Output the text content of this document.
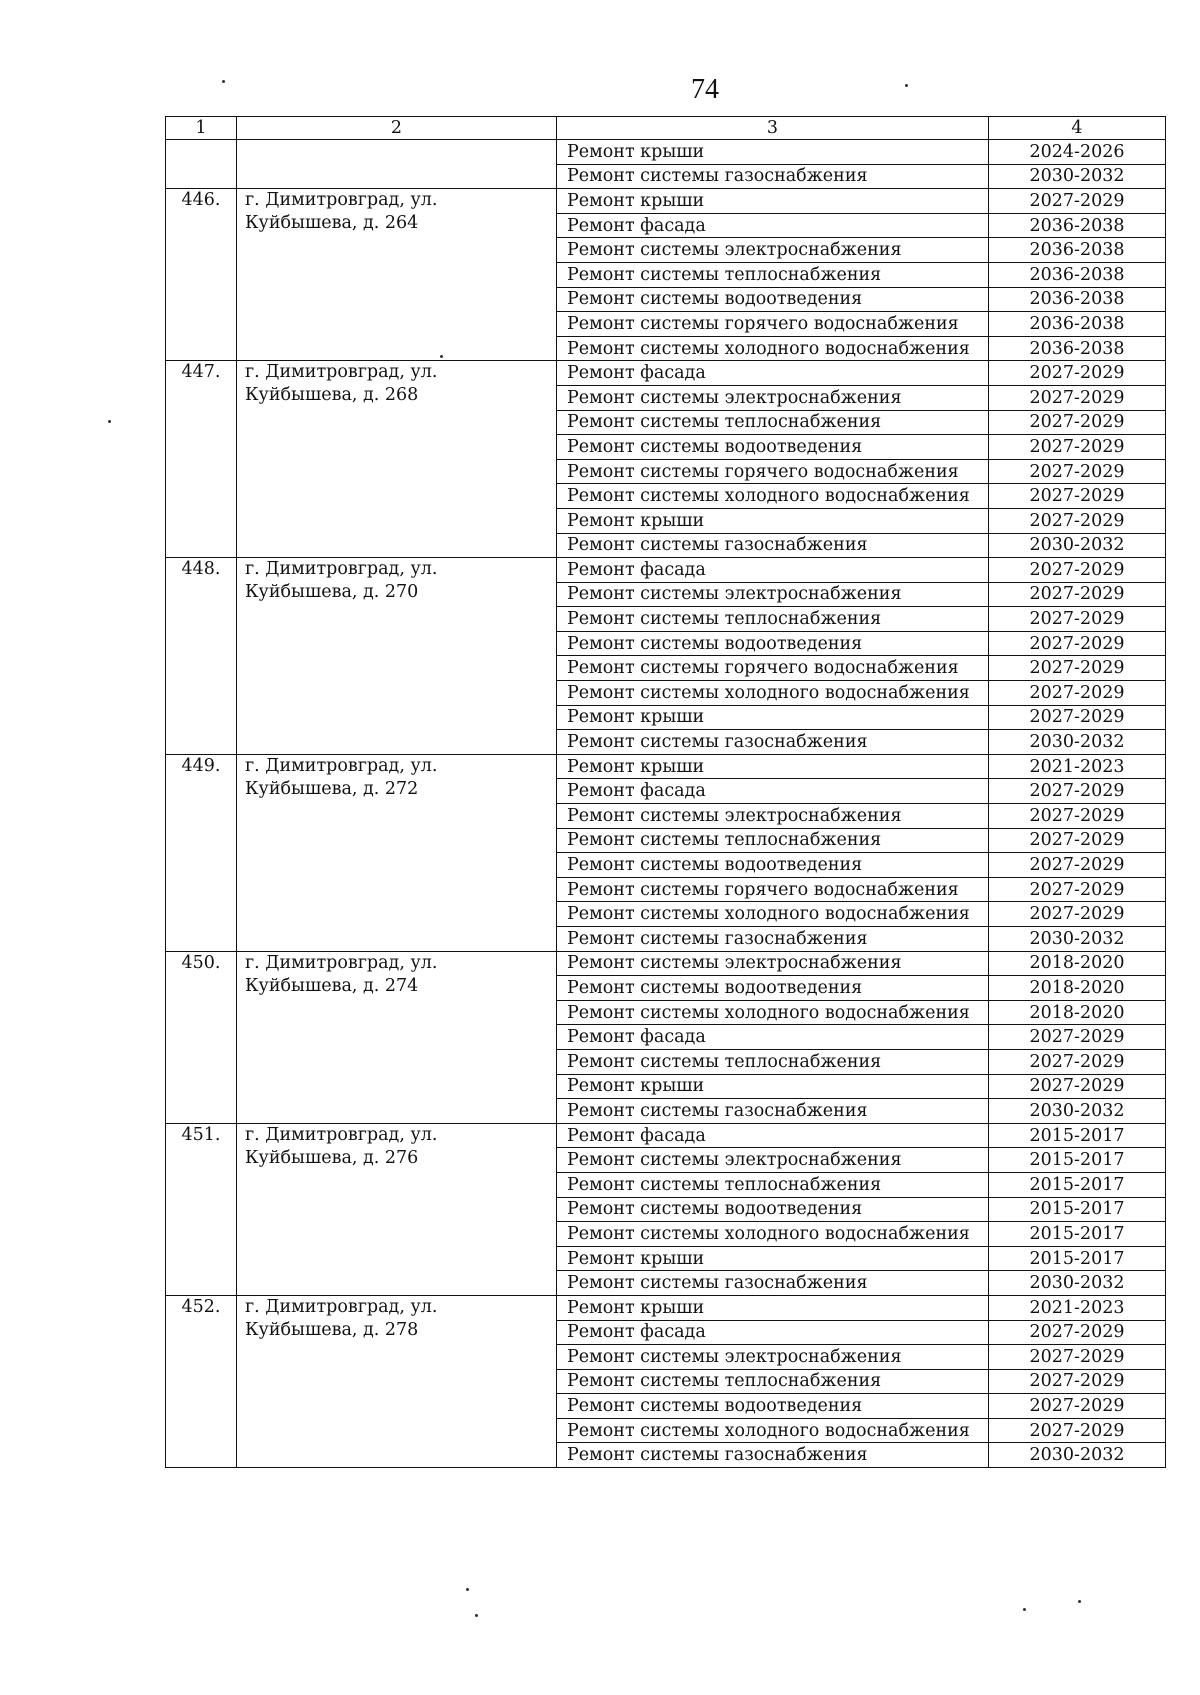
74
1	2	3	4
		Ремонт крыши	2024-2026
		Ремонт системы газоснабжения	2030-2032
446.	г. Димитровград, ул. Куйбышева, д. 264	Ремонт крыши	2027-2029
		Ремонт фасада	2036-2038
		Ремонт системы электроснабжения	2036-2038
		Ремонт системы теплоснабжения	2036-2038
		Ремонт системы водоотведения	2036-2038
		Ремонт системы горячего водоснабжения	2036-2038
		Ремонт системы холодного водоснабжения	2036-2038
447.	г. Димитровград, ул. Куйбышева, д. 268	Ремонт фасада	2027-2029
		Ремонт системы электроснабжения	2027-2029
		Ремонт системы теплоснабжения	2027-2029
		Ремонт системы водоотведения	2027-2029
		Ремонт системы горячего водоснабжения	2027-2029
		Ремонт системы холодного водоснабжения	2027-2029
		Ремонт крыши	2027-2029
		Ремонт системы газоснабжения	2030-2032
448.	г. Димитровград, ул. Куйбышева, д. 270	Ремонт фасада	2027-2029
		Ремонт системы электроснабжения	2027-2029
		Ремонт системы теплоснабжения	2027-2029
		Ремонт системы водоотведения	2027-2029
		Ремонт системы горячего водоснабжения	2027-2029
		Ремонт системы холодного водоснабжения	2027-2029
		Ремонт крыши	2027-2029
		Ремонт системы газоснабжения	2030-2032
449.	г. Димитровград, ул. Куйбышева, д. 272	Ремонт крыши	2021-2023
		Ремонт фасада	2027-2029
		Ремонт системы электроснабжения	2027-2029
		Ремонт системы теплоснабжения	2027-2029
		Ремонт системы водоотведения	2027-2029
		Ремонт системы горячего водоснабжения	2027-2029
		Ремонт системы холодного водоснабжения	2027-2029
		Ремонт системы газоснабжения	2030-2032
450.	г. Димитровград, ул. Куйбышева, д. 274	Ремонт системы электроснабжения	2018-2020
		Ремонт системы водоотведения	2018-2020
		Ремонт системы холодного водоснабжения	2018-2020
		Ремонт фасада	2027-2029
		Ремонт системы теплоснабжения	2027-2029
		Ремонт крыши	2027-2029
		Ремонт системы газоснабжения	2030-2032
451.	г. Димитровград, ул. Куйбышева, д. 276	Ремонт фасада	2015-2017
		Ремонт системы электроснабжения	2015-2017
		Ремонт системы теплоснабжения	2015-2017
		Ремонт системы водоотведения	2015-2017
		Ремонт системы холодного водоснабжения	2015-2017
		Ремонт крыши	2015-2017
		Ремонт системы газоснабжения	2030-2032
452.	г. Димитровград, ул. Куйбышева, д. 278	Ремонт крыши	2021-2023
		Ремонт фасада	2027-2029
		Ремонт системы электроснабжения	2027-2029
		Ремонт системы теплоснабжения	2027-2029
		Ремонт системы водоотведения	2027-2029
		Ремонт системы холодного водоснабжения	2027-2029
		Ремонт системы газоснабжения	2030-2032
